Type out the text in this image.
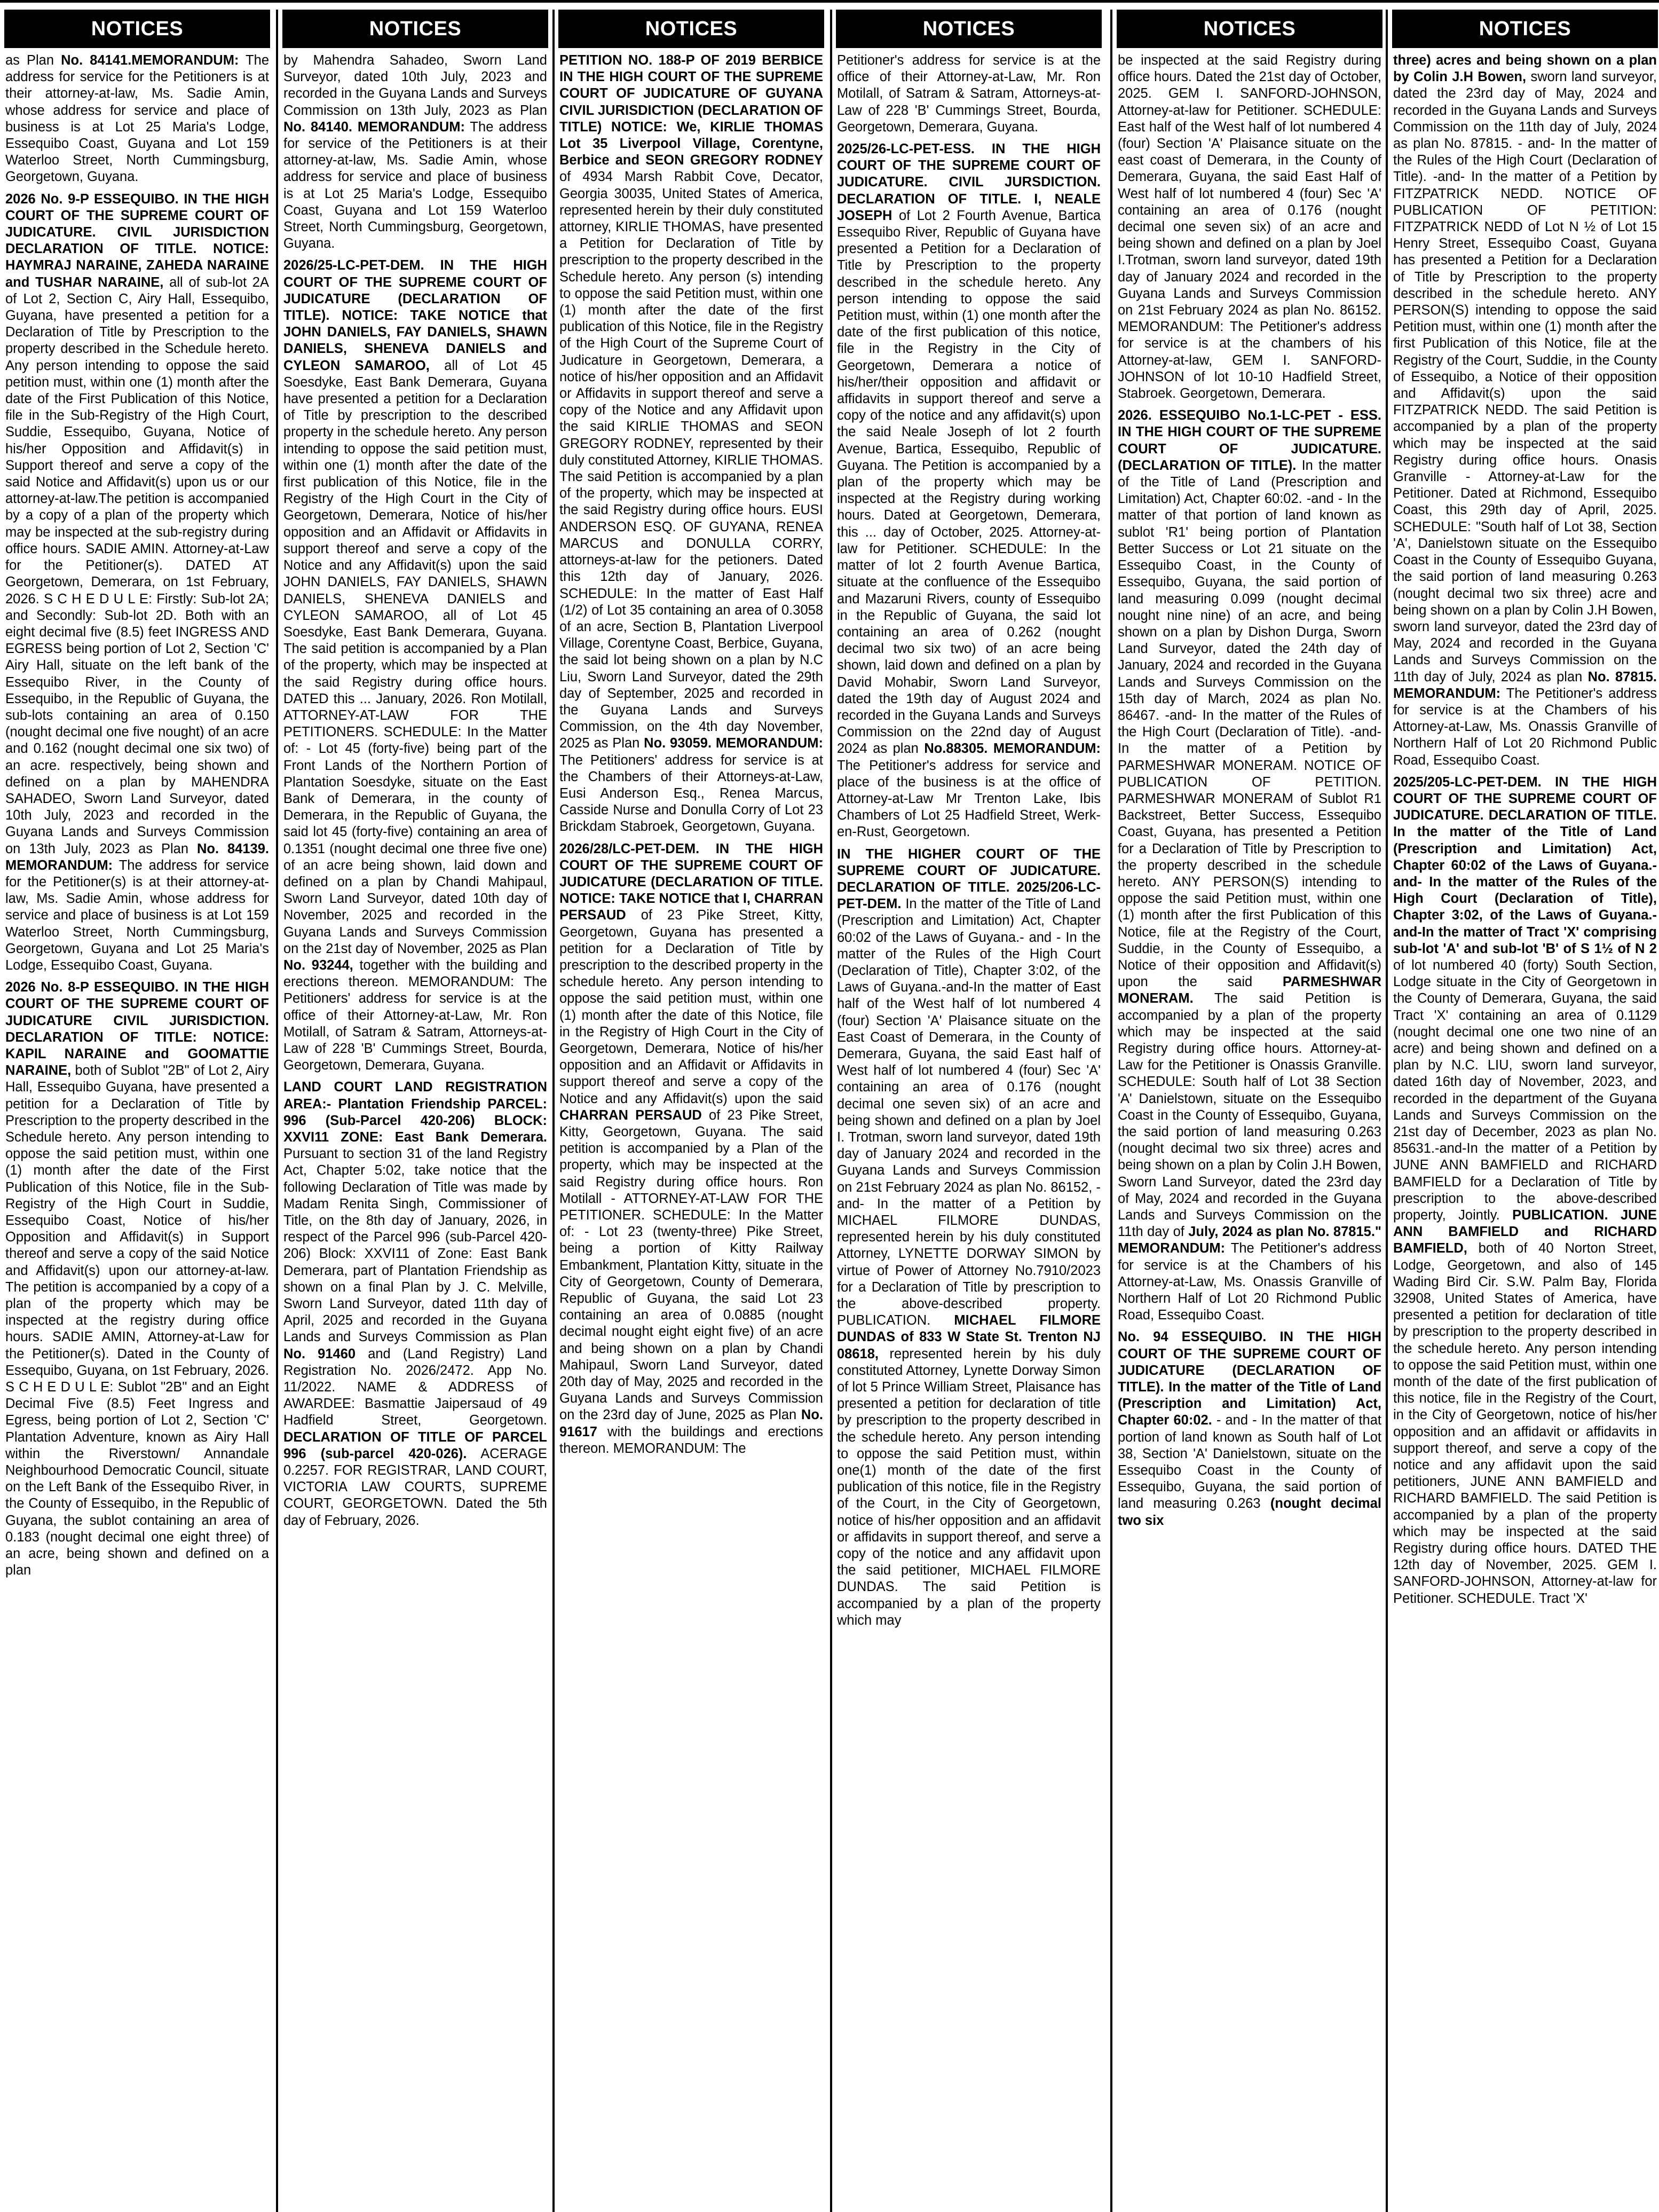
NOTICES

as Plan No. 84141.MEMORANDUM: The address for service for the Petitioners is at their attorney-at-law, Ms. Sadie Amin, whose address for service and place of business is at Lot 25 Maria's Lodge, Essequibo Coast, Guyana and Lot 159 Waterloo Street, North Cummingsburg, Georgetown, Guyana.

2026 No. 9-P ESSEQUIBO. IN THE HIGH COURT OF THE SUPREME COURT OF JUDICATURE. CIVIL JURISDICTION DECLARATION OF TITLE. NOTICE: HAYMRAJ NARAINE, ZAHEDA NARAINE and TUSHAR NARAINE, all of sub-lot 2A of Lot 2, Section C, Airy Hall, Essequibo, Guyana, have presented a petition for a Declaration of Title by Prescription to the property described in the Schedule hereto. Any person intending to oppose the said petition must, within one (1) month after the date of the First Publication of this Notice, file in the Sub-Registry of the High Court, Suddie, Essequibo, Guyana, Notice of his/her Opposition and Affidavit(s) in Support thereof and serve a copy of the said Notice and Affidavit(s) upon us or our attorney-at-law.The petition is accompanied by a copy of a plan of the property which may be inspected at the sub-registry during office hours. SADIE AMIN. Attorney-at-Law for the Petitioner(s). DATED AT Georgetown, Demerara, on 1st February, 2026. S C H E D U L E: Firstly: Sub-lot 2A; and Secondly: Sub-lot 2D. Both with an eight decimal five (8.5) feet INGRESS AND EGRESS being portion of Lot 2, Section 'C' Airy Hall, situate on the left bank of the Essequibo River, in the County of Essequibo, in the Republic of Guyana, the sub-lots containing an area of 0.150 (nought decimal one five nought) of an acre and 0.162 (nought decimal one six two) of an acre. respectively, being shown and defined on a plan by MAHENDRA SAHADEO, Sworn Land Surveyor, dated 10th July, 2023 and recorded in the Guyana Lands and Surveys Commission on 13th July, 2023 as Plan No. 84139. MEMORANDUM: The address for service for the Petitioner(s) is at their attorney-at-law, Ms. Sadie Amin, whose address for service and place of business is at Lot 159 Waterloo Street, North Cummingsburg, Georgetown, Guyana and Lot 25 Maria's Lodge, Essequibo Coast, Guyana.

2026 No. 8-P ESSEQUIBO. IN THE HIGH COURT OF THE SUPREME COURT OF JUDICATURE CIVIL JURISDICTION. DECLARATION OF TITLE: NOTICE: KAPIL NARAINE and GOOMATTIE NARAINE, both of Sublot "2B" of Lot 2, Airy Hall, Essequibo Guyana, have presented a petition for a Declaration of Title by Prescription to the property described in the Schedule hereto. Any person intending to oppose the said petition must, within one (1) month after the date of the First Publication of this Notice, file in the Sub-Registry of the High Court in Suddie, Essequibo Coast, Notice of his/her Opposition and Affidavit(s) in Support thereof and serve a copy of the said Notice and Affidavit(s) upon our attorney-at-law. The petition is accompanied by a copy of a plan of the property which may be inspected at the registry during office hours. SADIE AMIN, Attorney-at-Law for the Petitioner(s). Dated in the County of Essequibo, Guyana, on 1st February, 2026. S C H E D U L E: Sublot "2B" and an Eight Decimal Five (8.5) Feet Ingress and Egress, being portion of Lot 2, Section 'C' Plantation Adventure, known as Airy Hall within the Riverstown/ Annandale Neighbourhood Democratic Council, situate on the Left Bank of the Essequibo River, in the County of Essequibo, in the Republic of Guyana, the sublot containing an area of 0.183 (nought decimal one eight three) of an acre, being shown and defined on a plan

NOTICES

by Mahendra Sahadeo, Sworn Land Surveyor, dated 10th July, 2023 and recorded in the Guyana Lands and Surveys Commission on 13th July, 2023 as Plan No. 84140. MEMORANDUM: The address for service of the Petitioners is at their attorney-at-law, Ms. Sadie Amin, whose address for service and place of business is at Lot 25 Maria's Lodge, Essequibo Coast, Guyana and Lot 159 Waterloo Street, North Cummingsburg, Georgetown, Guyana.

2026/25-LC-PET-DEM. IN THE HIGH COURT OF THE SUPREME COURT OF JUDICATURE (DECLARATION OF TITLE). NOTICE: TAKE NOTICE that JOHN DANIELS, FAY DANIELS, SHAWN DANIELS, SHENEVA DANIELS and CYLEON SAMAROO, all of Lot 45 Soesdyke, East Bank Demerara, Guyana have presented a petition for a Declaration of Title by prescription to the described property in the schedule hereto. Any person intending to oppose the said petition must, within one (1) month after the date of the first publication of this Notice, file in the Registry of the High Court in the City of Georgetown, Demerara, Notice of his/her opposition and an Affidavit or Affidavits in support thereof and serve a copy of the Notice and any Affidavit(s) upon the said JOHN DANIELS, FAY DANIELS, SHAWN DANIELS, SHENEVA DANIELS and CYLEON SAMAROO, all of Lot 45 Soesdyke, East Bank Demerara, Guyana. The said petition is accompanied by a Plan of the property, which may be inspected at the said Registry during office hours. DATED this ... January, 2026. Ron Motilall, ATTORNEY-AT-LAW FOR THE PETITIONERS. SCHEDULE: In the Matter of: - Lot 45 (forty-five) being part of the Front Lands of the Northern Portion of Plantation Soesdyke, situate on the East Bank of Demerara, in the county of Demerara, in the Republic of Guyana, the said lot 45 (forty-five) containing an area of 0.1351 (nought decimal one three five one) of an acre being shown, laid down and defined on a plan by Chandi Mahipaul, Sworn Land Surveyor, dated 10th day of November, 2025 and recorded in the Guyana Lands and Surveys Commission on the 21st day of November, 2025 as Plan No. 93244, together with the building and erections thereon. MEMORANDUM: The Petitioners' address for service is at the office of their Attorney-at-Law, Mr. Ron Motilall, of Satram & Satram, Attorneys-at-Law of 228 'B' Cummings Street, Bourda, Georgetown, Demerara, Guyana.

LAND COURT LAND REGISTRATION AREA:- Plantation Friendship PARCEL: 996 (Sub-Parcel 420-206) BLOCK: XXVI11 ZONE: East Bank Demerara. Pursuant to section 31 of the land Registry Act, Chapter 5:02, take notice that the following Declaration of Title was made by Madam Renita Singh, Commissioner of Title, on the 8th day of January, 2026, in respect of the Parcel 996 (sub-Parcel 420-206) Block: XXVI11 of Zone: East Bank Demerara, part of Plantation Friendship as shown on a final Plan by J. C. Melville, Sworn Land Surveyor, dated 11th day of April, 2025 and recorded in the Guyana Lands and Surveys Commission as Plan No. 91460 and (Land Registry) Land Registration No. 2026/2472. App No. 11/2022. NAME & ADDRESS of AWARDEE: Basmattie Jaipersaud of 49 Hadfield Street, Georgetown. DECLARATION OF TITLE OF PARCEL 996 (sub-parcel 420-026). ACERAGE 0.2257. FOR REGISTRAR, LAND COURT, VICTORIA LAW COURTS, SUPREME COURT, GEORGETOWN. Dated the 5th day of February, 2026.

NOTICES

PETITION NO. 188-P OF 2019 BERBICE IN THE HIGH COURT OF THE SUPREME COURT OF JUDICATURE OF GUYANA CIVIL JURISDICTION (DECLARATION OF TITLE) NOTICE: We, KIRLIE THOMAS Lot 35 Liverpool Village, Corentyne, Berbice and SEON GREGORY RODNEY of 4934 Marsh Rabbit Cove, Decator, Georgia 30035, United States of America, represented herein by their duly constituted attorney, KIRLIE THOMAS, have presented a Petition for Declaration of Title by prescription to the property described in the Schedule hereto. Any person (s) intending to oppose the said Petition must, within one (1) month after the date of the first publication of this Notice, file in the Registry of the High Court of the Supreme Court of Judicature in Georgetown, Demerara, a notice of his/her opposition and an Affidavit or Affidavits in support thereof and serve a copy of the Notice and any Affidavit upon the said KIRLIE THOMAS and SEON GREGORY RODNEY, represented by their duly constituted Attorney, KIRLIE THOMAS. The said Petition is accompanied by a plan of the property, which may be inspected at the said Registry during office hours. EUSI ANDERSON ESQ. OF GUYANA, RENEA MARCUS and DONULLA CORRY, attorneys-at-law for the petioners. Dated this 12th day of January, 2026. SCHEDULE: In the matter of East Half (1/2) of Lot 35 containing an area of 0.3058 of an acre, Section B, Plantation Liverpool Village, Corentyne Coast, Berbice, Guyana, the said lot being shown on a plan by N.C Liu, Sworn Land Surveyor, dated the 29th day of September, 2025 and recorded in the Guyana Lands and Surveys Commission, on the 4th day November, 2025 as Plan No. 93059. MEMORANDUM: The Petitioners' address for service is at the Chambers of their Attorneys-at-Law, Eusi Anderson Esq., Renea Marcus, Casside Nurse and Donulla Corry of Lot 23 Brickdam Stabroek, Georgetown, Guyana.

2026/28/LC-PET-DEM. IN THE HIGH COURT OF THE SUPREME COURT OF JUDICATURE (DECLARATION OF TITLE. NOTICE: TAKE NOTICE that I, CHARRAN PERSAUD of 23 Pike Street, Kitty, Georgetown, Guyana has presented a petition for a Declaration of Title by prescription to the described property in the schedule hereto. Any person intending to oppose the said petition must, within one (1) month after the date of this Notice, file in the Registry of High Court in the City of Georgetown, Demerara, Notice of his/her opposition and an Affidavit or Affidavits in support thereof and serve a copy of the Notice and any Affidavit(s) upon the said CHARRAN PERSAUD of 23 Pike Street, Kitty, Georgetown, Guyana. The said petition is accompanied by a Plan of the property, which may be inspected at the said Registry during office hours. Ron Motilall - ATTORNEY-AT-LAW FOR THE PETITIONER. SCHEDULE: In the Matter of: - Lot 23 (twenty-three) Pike Street, being a portion of Kitty Railway Embankment, Plantation Kitty, situate in the City of Georgetown, County of Demerara, Republic of Guyana, the said Lot 23 containing an area of 0.0885 (nought decimal nought eight eight five) of an acre and being shown on a plan by Chandi Mahipaul, Sworn Land Surveyor, dated 20th day of May, 2025 and recorded in the Guyana Lands and Surveys Commission on the 23rd day of June, 2025 as Plan No. 91617 with the buildings and erections thereon. MEMORANDUM: The

NOTICES

Petitioner's address for service is at the office of their Attorney-at-Law, Mr. Ron Motilall, of Satram & Satram, Attorneys-at-Law of 228 'B' Cummings Street, Bourda, Georgetown, Demerara, Guyana.

2025/26-LC-PET-ESS. IN THE HIGH COURT OF THE SUPREME COURT OF JUDICATURE. CIVIL JURSDICTION. DECLARATION OF TITLE. I, NEALE JOSEPH of Lot 2 Fourth Avenue, Bartica Essequibo River, Republic of Guyana have presented a Petition for a Declaration of Title by Prescription to the property described in the schedule hereto. Any person intending to oppose the said Petition must, within (1) one month after the date of the first publication of this notice, file in the Registry in the City of Georgetown, Demerara a notice of his/her/their opposition and affidavit or affidavits in support thereof and serve a copy of the notice and any affidavit(s) upon the said Neale Joseph of lot 2 fourth Avenue, Bartica, Essequibo, Republic of Guyana. The Petition is accompanied by a plan of the property which may be inspected at the Registry during working hours. Dated at Georgetown, Demerara, this ... day of October, 2025. Attorney-at-law for Petitioner. SCHEDULE: In the matter of lot 2 fourth Avenue Bartica, situate at the confluence of the Essequibo and Mazaruni Rivers, county of Essequibo in the Republic of Guyana, the said lot containing an area of 0.262 (nought decimal two six two) of an acre being shown, laid down and defined on a plan by David Mohabir, Sworn Land Surveyor, dated the 19th day of August 2024 and recorded in the Guyana Lands and Surveys Commission on the 22nd day of August 2024 as plan No.88305. MEMORANDUM: The Petitioner's address for service and place of the business is at the office of Attorney-at-Law Mr Trenton Lake, Ibis Chambers of Lot 25 Hadfield Street, Werk-en-Rust, Georgetown.

IN THE HIGHER COURT OF THE SUPREME COURT OF JUDICATURE. DECLARATION OF TITLE. 2025/206-LC-PET-DEM. In the matter of the Title of Land (Prescription and Limitation) Act, Chapter 60:02 of the Laws of Guyana.- and - In the matter of the Rules of the High Court (Declaration of Title), Chapter 3:02, of the Laws of Guyana.-and-In the matter of East half of the West half of lot numbered 4 (four) Section 'A' Plaisance situate on the East Coast of Demerara, in the County of Demerara, Guyana, the said East half of West half of lot numbered 4 (four) Sec 'A' containing an area of 0.176 (nought decimal one seven six) of an acre and being shown and defined on a plan by Joel I. Trotman, sworn land surveyor, dated 19th day of January 2024 and recorded in the Guyana Lands and Surveys Commission on 21st February 2024 as plan No. 86152, -and- In the matter of a Petition by MICHAEL FILMORE DUNDAS, represented herein by his duly constituted Attorney, LYNETTE DORWAY SIMON by virtue of Power of Attorney No.7910/2023 for a Declaration of Title by prescription to the above-described property. PUBLICATION. MICHAEL FILMORE DUNDAS of 833 W State St. Trenton NJ 08618, represented herein by his duly constituted Attorney, Lynette Dorway Simon of lot 5 Prince William Street, Plaisance has presented a petition for declaration of title by prescription to the property described in the schedule hereto. Any person intending to oppose the said Petition must, within one(1) month of the date of the first publication of this notice, file in the Registry of the Court, in the City of Georgetown, notice of his/her opposition and an affidavit or affidavits in support thereof, and serve a copy of the notice and any affidavit upon the said petitioner, MICHAEL FILMORE DUNDAS. The said Petition is accompanied by a plan of the property which may

NOTICES

be inspected at the said Registry during office hours. Dated the 21st day of October, 2025. GEM I. SANFORD-JOHNSON, Attorney-at-law for Petitioner. SCHEDULE: East half of the West half of lot numbered 4 (four) Section 'A' Plaisance situate on the east coast of Demerara, in the County of Demerara, Guyana, the said East Half of West half of lot numbered 4 (four) Sec 'A' containing an area of 0.176 (nought decimal one seven six) of an acre and being shown and defined on a plan by Joel I.Trotman, sworn land surveyor, dated 19th day of January 2024 and recorded in the Guyana Lands and Surveys Commission on 21st February 2024 as plan No. 86152. MEMORANDUM: The Petitioner's address for service is at the chambers of his Attorney-at-law, GEM I. SANFORD-JOHNSON of lot 10-10 Hadfield Street, Stabroek. Georgetown, Demerara.

2026. ESSEQUIBO No.1-LC-PET - ESS. IN THE HIGH COURT OF THE SUPREME COURT OF JUDICATURE. (DECLARATION OF TITLE). In the matter of the Title of Land (Prescription and Limitation) Act, Chapter 60:02. -and - In the matter of that portion of land known as sublot 'R1' being portion of Plantation Better Success or Lot 21 situate on the Essequibo Coast, in the County of Essequibo, Guyana, the said portion of land measuring 0.099 (nought decimal nought nine nine) of an acre, and being shown on a plan by Dishon Durga, Sworn Land Surveyor, dated the 24th day of January, 2024 and recorded in the Guyana Lands and Surveys Commission on the 15th day of March, 2024 as plan No. 86467. -and- In the matter of the Rules of the High Court (Declaration of Title). -and- In the matter of a Petition by PARMESHWAR MONERAM. NOTICE OF PUBLICATION OF PETITION. PARMESHWAR MONERAM of Sublot R1 Backstreet, Better Success, Essequibo Coast, Guyana, has presented a Petition for a Declaration of Title by Prescription to the property described in the schedule hereto. ANY PERSON(S) intending to oppose the said Petition must, within one (1) month after the first Publication of this Notice, file at the Registry of the Court, Suddie, in the County of Essequibo, a Notice of their opposition and Affidavit(s) upon the said PARMESHWAR MONERAM. The said Petition is accompanied by a plan of the property which may be inspected at the said Registry during office hours. Attorney-at-Law for the Petitioner is Onassis Granville. SCHEDULE: South half of Lot 38 Section 'A' Danielstown, situate on the Essequibo Coast in the County of Essequibo, Guyana, the said portion of land measuring 0.263 (nought decimal two six three) acres and being shown on a plan by Colin J.H Bowen, Sworn Land Surveyor, dated the 23rd day of May, 2024 and recorded in the Guyana Lands and Surveys Commission on the 11th day of July, 2024 as plan No. 87815." MEMORANDUM: The Petitioner's address for service is at the Chambers of his Attorney-at-Law, Ms. Onassis Granville of Northern Half of Lot 20 Richmond Public Road, Essequibo Coast.

No. 94 ESSEQUIBO. IN THE HIGH COURT OF THE SUPREME COURT OF JUDICATURE (DECLARATION OF TITLE). In the matter of the Title of Land (Prescription and Limitation) Act, Chapter 60:02. - and - In the matter of that portion of land known as South half of Lot 38, Section 'A' Danielstown, situate on the Essequibo Coast in the County of Essequibo, Guyana, the said portion of land measuring 0.263 (nought decimal two six

NOTICES

three) acres and being shown on a plan by Colin J.H Bowen, sworn land surveyor, dated the 23rd day of May, 2024 and recorded in the Guyana Lands and Surveys Commission on the 11th day of July, 2024 as plan No. 87815. - and- In the matter of the Rules of the High Court (Declaration of Title). -and- In the matter of a Petition by FITZPATRICK NEDD. NOTICE OF PUBLICATION OF PETITION: FITZPATRICK NEDD of Lot N ½ of Lot 15 Henry Street, Essequibo Coast, Guyana has presented a Petition for a Declaration of Title by Prescription to the property described in the schedule hereto. ANY PERSON(S) intending to oppose the said Petition must, within one (1) month after the first Publication of this Notice, file at the Registry of the Court, Suddie, in the County of Essequibo, a Notice of their opposition and Affidavit(s) upon the said FITZPATRICK NEDD. The said Petition is accompanied by a plan of the property which may be inspected at the said Registry during office hours. Onasis Granville - Attorney-at-Law for the Petitioner. Dated at Richmond, Essequibo Coast, this 29th day of April, 2025. SCHEDULE: "South half of Lot 38, Section 'A', Danielstown situate on the Essequibo Coast in the County of Essequibo Guyana, the said portion of land measuring 0.263 (nought decimal two six three) acre and being shown on a plan by Colin J.H Bowen, sworn land surveyor, dated the 23rd day of May, 2024 and recorded in the Guyana Lands and Surveys Commission on the 11th day of July, 2024 as plan No. 87815. MEMORANDUM: The Petitioner's address for service is at the Chambers of his Attorney-at-Law, Ms. Onassis Granville of Northern Half of Lot 20 Richmond Public Road, Essequibo Coast.

2025/205-LC-PET-DEM. IN THE HIGH COURT OF THE SUPREME COURT OF JUDICATURE. DECLARATION OF TITLE. In the matter of the Title of Land (Prescription and Limitation) Act, Chapter 60:02 of the Laws of Guyana.-and- In the matter of the Rules of the High Court (Declaration of Title), Chapter 3:02, of the Laws of Guyana.-and-In the matter of Tract 'X' comprising sub-lot 'A' and sub-lot 'B' of S 1½ of N 2 of lot numbered 40 (forty) South Section, Lodge situate in the City of Georgetown in the County of Demerara, Guyana, the said Tract 'X' containing an area of 0.1129 (nought decimal one one two nine of an acre) and being shown and defined on a plan by N.C. LIU, sworn land surveyor, dated 16th day of November, 2023, and recorded in the department of the Guyana Lands and Surveys Commission on the 21st day of December, 2023 as plan No. 85631.-and-In the matter of a Petition by JUNE ANN BAMFIELD and RICHARD BAMFIELD for a Declaration of Title by prescription to the above-described property, Jointly. PUBLICATION. JUNE ANN BAMFIELD and RICHARD BAMFIELD, both of 40 Norton Street, Lodge, Georgetown, and also of 145 Wading Bird Cir. S.W. Palm Bay, Florida 32908, United States of America, have presented a petition for declaration of title by prescription to the property described in the schedule hereto. Any person intending to oppose the said Petition must, within one month of the date of the first publication of this notice, file in the Registry of the Court, in the City of Georgetown, notice of his/her opposition and an affidavit or affidavits in support thereof, and serve a copy of the notice and any affidavit upon the said petitioners, JUNE ANN BAMFIELD and RICHARD BAMFIELD. The said Petition is accompanied by a plan of the property which may be inspected at the said Registry during office hours. DATED THE 12th day of November, 2025. GEM I. SANFORD-JOHNSON, Attorney-at-law for Petitioner. SCHEDULE. Tract 'X'
